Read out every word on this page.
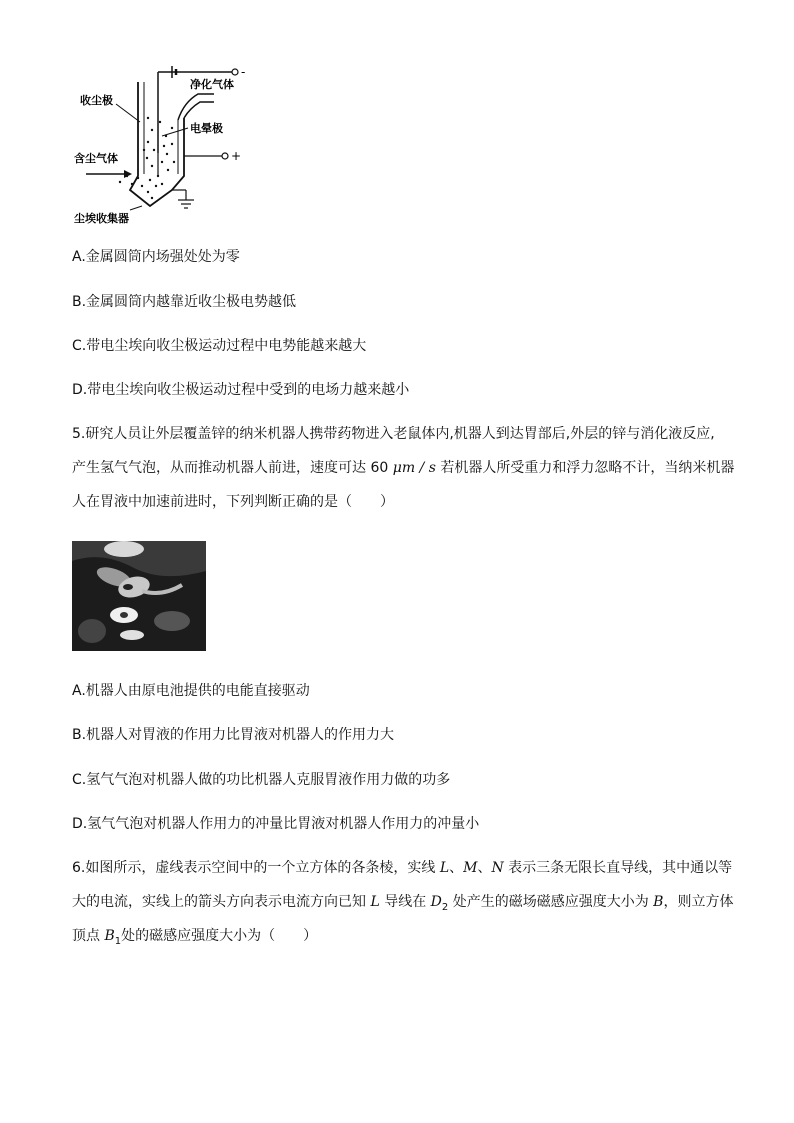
-
净化气体
+
电晕极
收尘极
含尘气体
尘埃收集器
A.金属圆筒内场强处处为零
B.金属圆筒内越靠近收尘极电势越低
C.带电尘埃向收尘极运动过程中电势能越来越大
D.带电尘埃向收尘极运动过程中受到的电场力越来越小
5.研究人员让外层覆盖锌的纳米机器人携带药物进入老鼠体内,机器人到达胃部后,外层的锌与消化液反应,
产生氢气气泡，从而推动机器人前进，速度可达 60 μm / s 若机器人所受重力和浮力忽略不计，当纳米机器
人在胃液中加速前进时，下列判断正确的是（　　）
A.机器人由原电池提供的电能直接驱动
B.机器人对胃液的作用力比胃液对机器人的作用力大
C.氢气气泡对机器人做的功比机器人克服胃液作用力做的功多
D.氢气气泡对机器人作用力的冲量比胃液对机器人作用力的冲量小
6.如图所示，虚线表示空间中的一个立方体的各条棱，实线 L、M、N 表示三条无限长直导线，其中通以等
大的电流，实线上的箭头方向表示电流方向已知 L 导线在 $D_2$ 处产生的磁场磁感应强度大小为 B，则立方体
顶点 $B_1$处的磁感应强度大小为（　　）
